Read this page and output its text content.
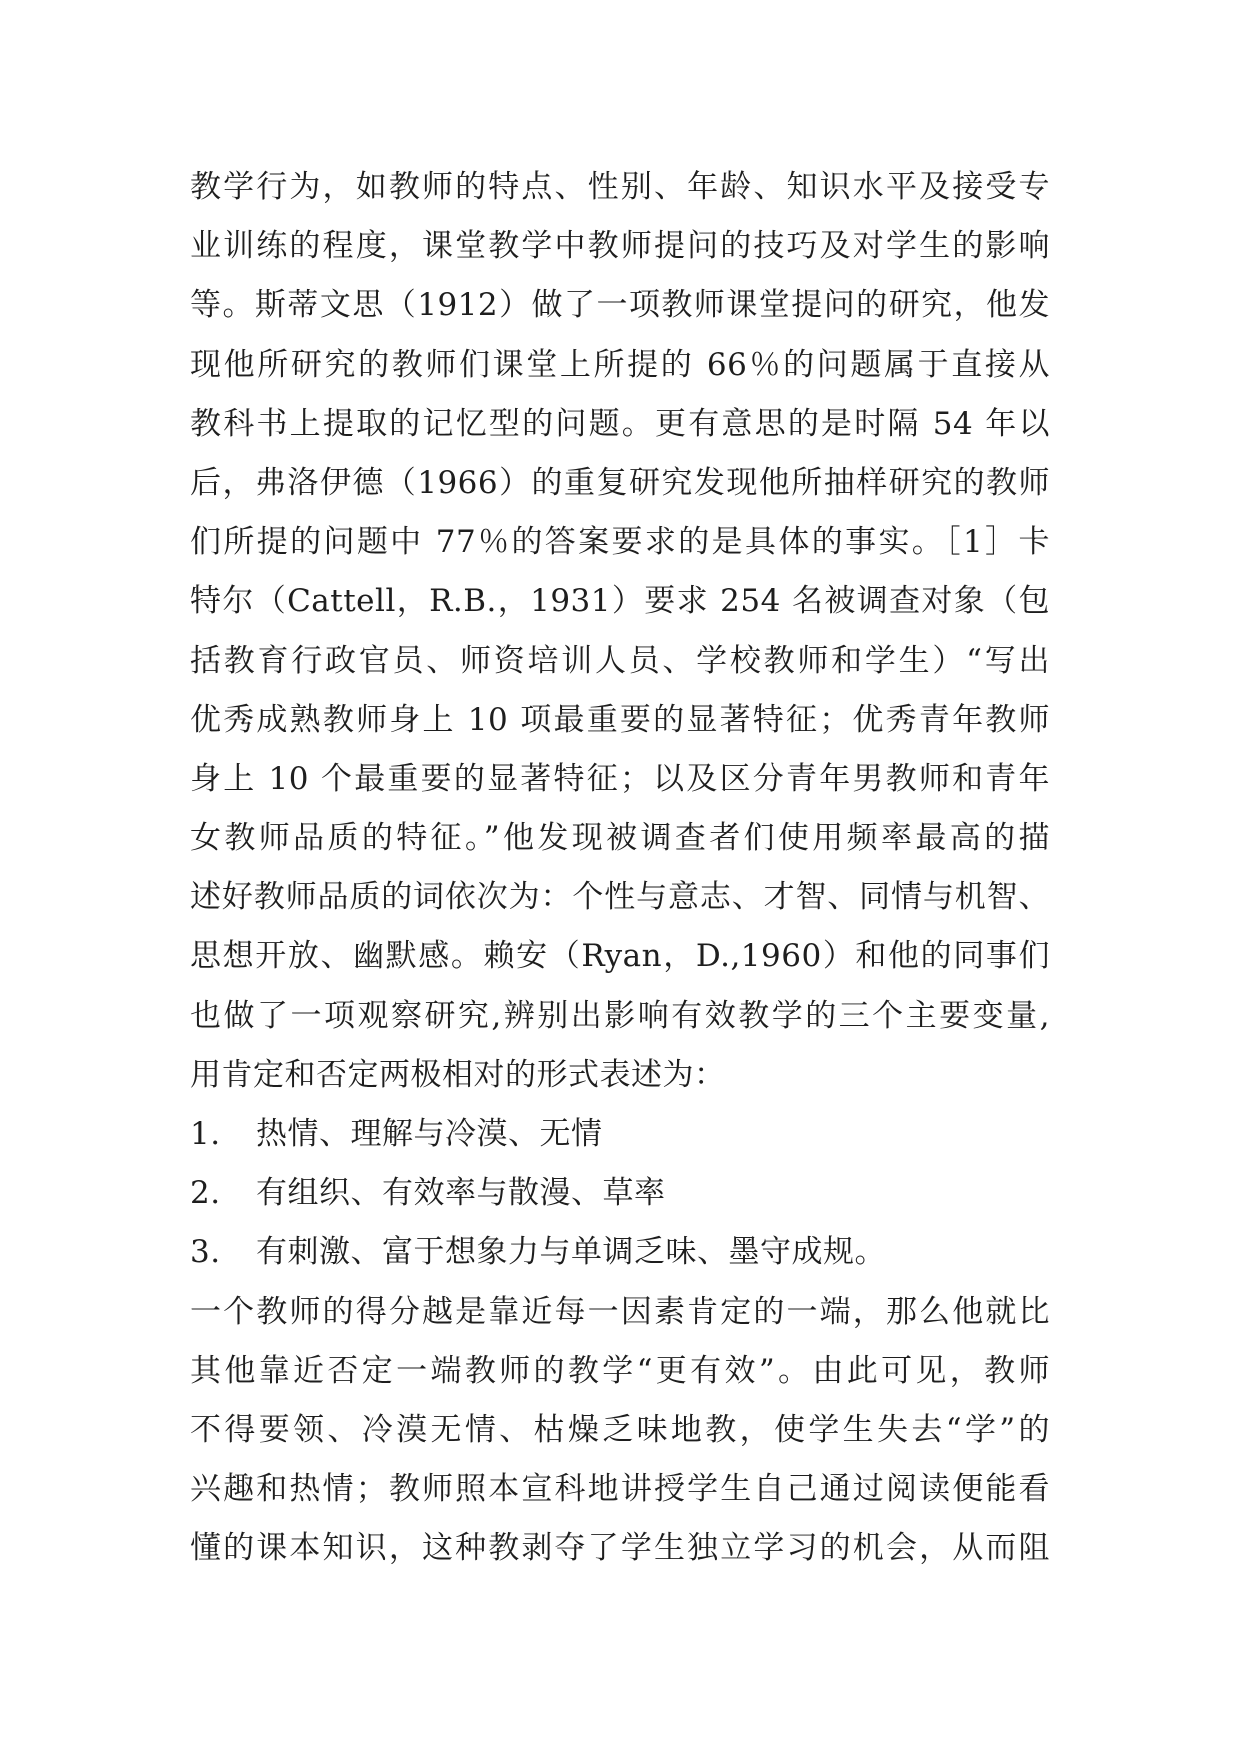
教学行为，如教师的特点、性别、年龄、知识水平及接受专
业训练的程度，课堂教学中教师提问的技巧及对学生的影响
等。斯蒂文思（1912）做了一项教师课堂提问的研究，他发
现他所研究的教师们课堂上所提的 66％的问题属于直接从
教科书上提取的记忆型的问题。更有意思的是时隔 54 年以
后，弗洛伊德（1966）的重复研究发现他所抽样研究的教师
们所提的问题中 77％的答案要求的是具体的事实。［1］卡
特尔（Cattell，R.B.，1931）要求 254 名被调查对象（包
括教育行政官员、师资培训人员、学校教师和学生）“写出
优秀成熟教师身上 10 项最重要的显著特征；优秀青年教师
身上 10 个最重要的显著特征；以及区分青年男教师和青年
女教师品质的特征。”他发现被调查者们使用频率最高的描
述好教师品质的词依次为：个性与意志、才智、同情与机智、
思想开放、幽默感。赖安（Ryan，D.,1960）和他的同事们
也做了一项观察研究,辨别出影响有效教学的三个主要变量,
用肯定和否定两极相对的形式表述为：
1.	热情、理解与冷漠、无情
2.	有组织、有效率与散漫、草率
3.	有刺激、富于想象力与单调乏味、墨守成规。
一个教师的得分越是靠近每一因素肯定的一端，那么他就比
其他靠近否定一端教师的教学“更有效”。由此可见，教师
不得要领、冷漠无情、枯燥乏味地教，使学生失去“学”的
兴趣和热情；教师照本宣科地讲授学生自己通过阅读便能看
懂的课本知识，这种教剥夺了学生独立学习的机会，从而阻
